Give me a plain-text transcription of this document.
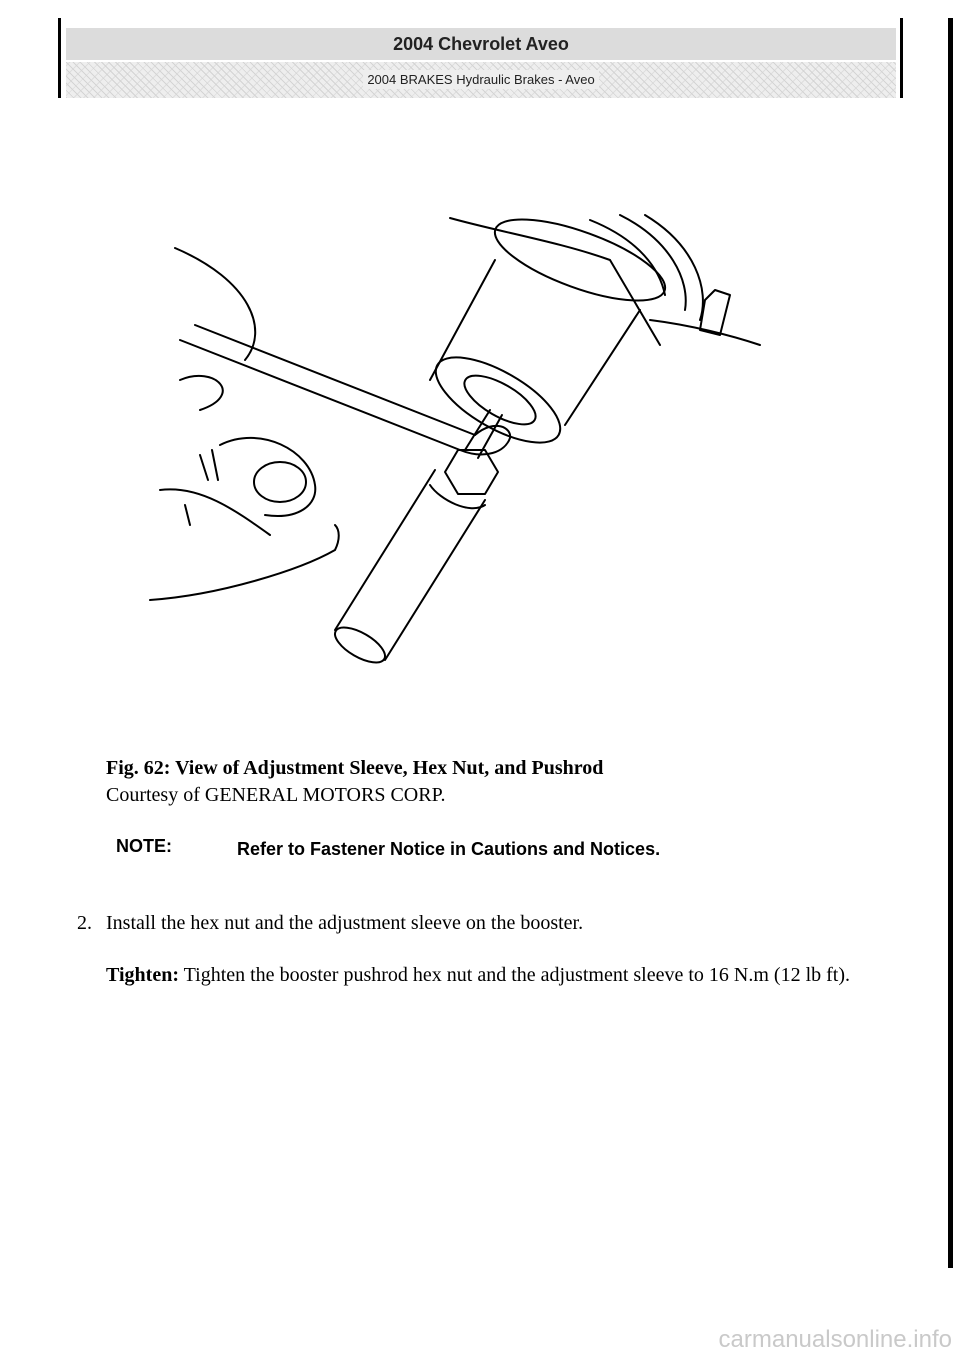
2004 Chevrolet Aveo
2004 BRAKES Hydraulic Brakes - Aveo
Fig. 62: View of Adjustment Sleeve, Hex Nut, and Pushrod
Courtesy of GENERAL MOTORS CORP.
NOTE:	Refer to Fastener Notice in Cautions and Notices.
2. Install the hex nut and the adjustment sleeve on the booster.
Tighten: Tighten the booster pushrod hex nut and the adjustment sleeve to 16 N.m (12 lb ft).
carmanualsonline.info
